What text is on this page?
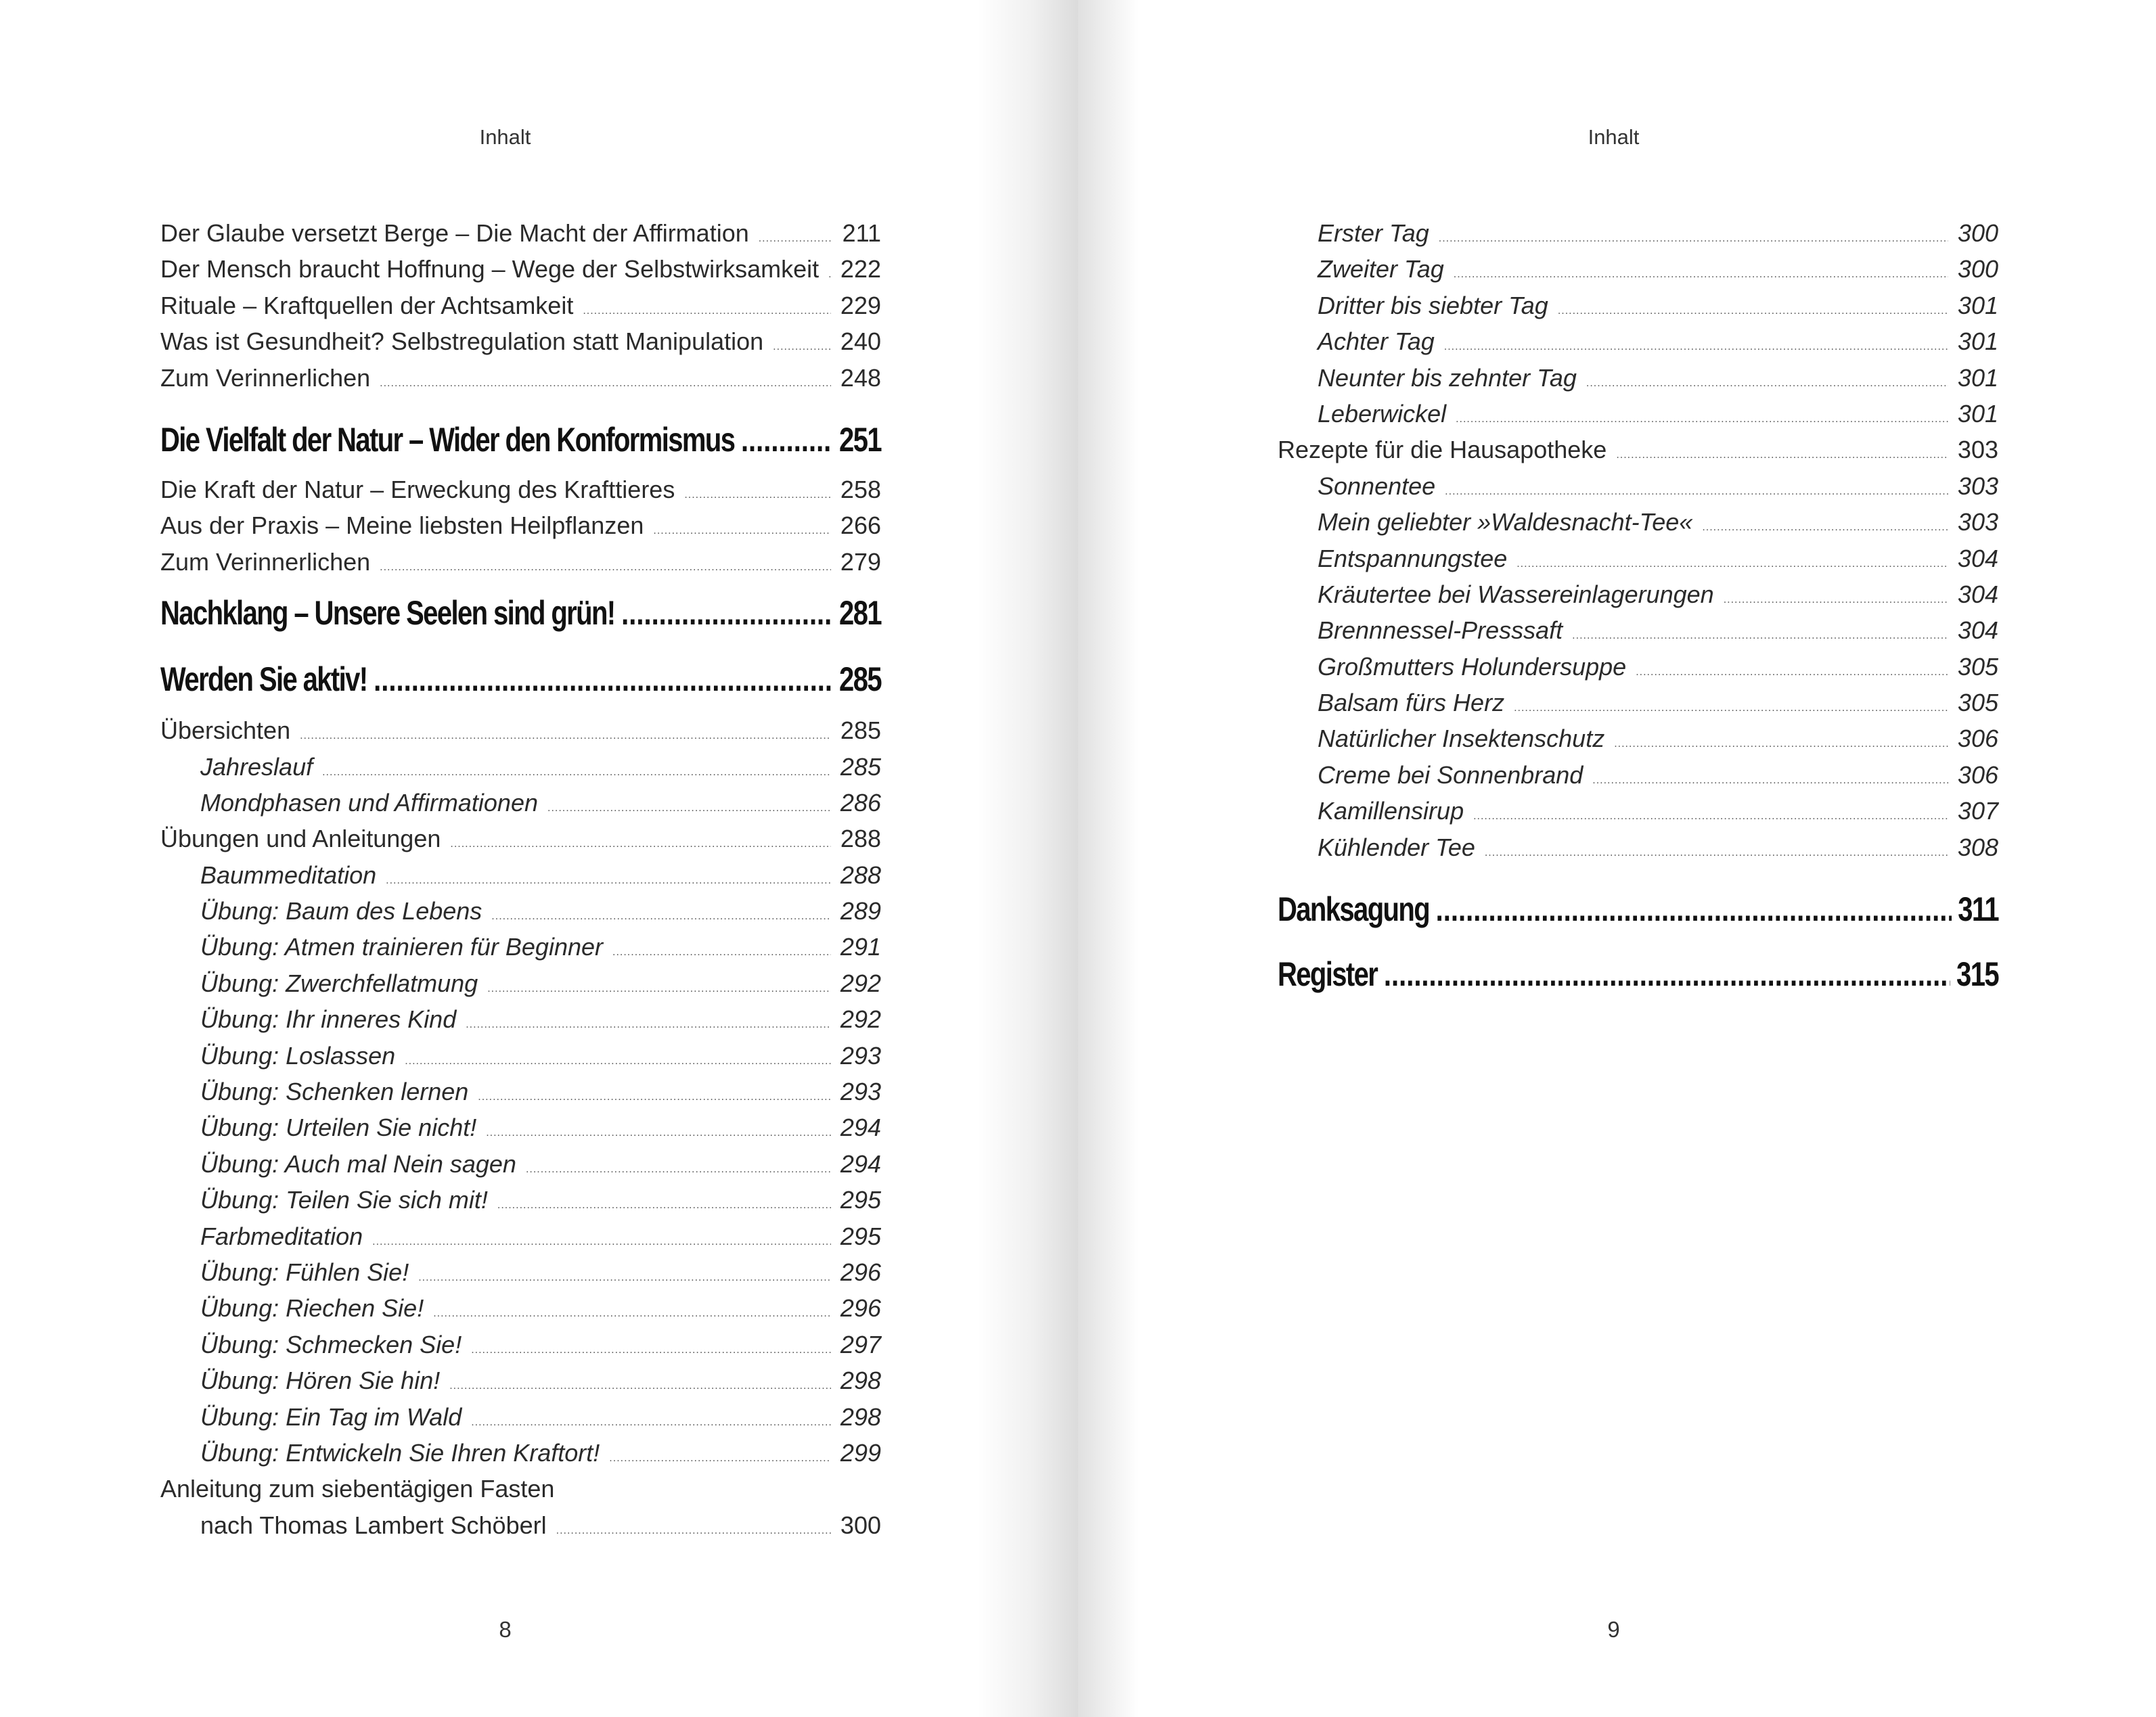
Inhalt
Der Glaube versetzt Berge – Die Macht der Affirmation .....	211
Der Mensch braucht Hoffnung – Wege der Selbstwirksamkeit ..... 222
Rituale – Kraftquellen der Achtsamkeit .....	229
Was ist Gesundheit? Selbstregulation statt Manipulation .....	240
Zum Verinnerlichen .....	248
Die Vielfalt der Natur – Wider den Konformismus .....	251
Die Kraft der Natur – Erweckung des Krafttieres .....	258
Aus der Praxis – Meine liebsten Heilpflanzen .....	266
Zum Verinnerlichen .....	279
Nachklang – Unsere Seelen sind grün! .....	281
Werden Sie aktiv! .....	285
Übersichten .....	285
Jahreslauf .....	285
Mondphasen und Affirmationen .....	286
Übungen und Anleitungen .....	288
Baummeditation .....	288
Übung: Baum des Lebens .....	289
Übung: Atmen trainieren für Beginner .....	291
Übung: Zwerchfellatmung .....	292
Übung: Ihr inneres Kind .....	292
Übung: Loslassen .....	293
Übung: Schenken lernen .....	293
Übung: Urteilen Sie nicht! .....	294
Übung: Auch mal Nein sagen .....	294
Übung: Teilen Sie sich mit! .....	295
Farbmeditation .....	295
Übung: Fühlen Sie! .....	296
Übung: Riechen Sie! .....	296
Übung: Schmecken Sie! .....	297
Übung: Hören Sie hin! .....	298
Übung: Ein Tag im Wald .....	298
Übung: Entwickeln Sie Ihren Kraftort! .....	299
Anleitung zum siebentägigen Fasten
nach Thomas Lambert Schöberl .....	300
8
Inhalt
Erster Tag .....	300
Zweiter Tag .....	300
Dritter bis siebter Tag .....	301
Achter Tag .....	301
Neunter bis zehnter Tag .....	301
Leberwickel .....	301
Rezepte für die Hausapotheke .....	303
Sonnentee .....	303
Mein geliebter »Waldesnacht-Tee« .....	303
Entspannungstee .....	304
Kräutertee bei Wassereinlagerungen .....	304
Brennnessel-Presssaft .....	304
Großmutters Holundersuppe .....	305
Balsam fürs Herz .....	305
Natürlicher Insektenschutz .....	306
Creme bei Sonnenbrand .....	306
Kamillensirup .....	307
Kühlender Tee .....	308
Danksagung .....	311
Register .....	315
9
